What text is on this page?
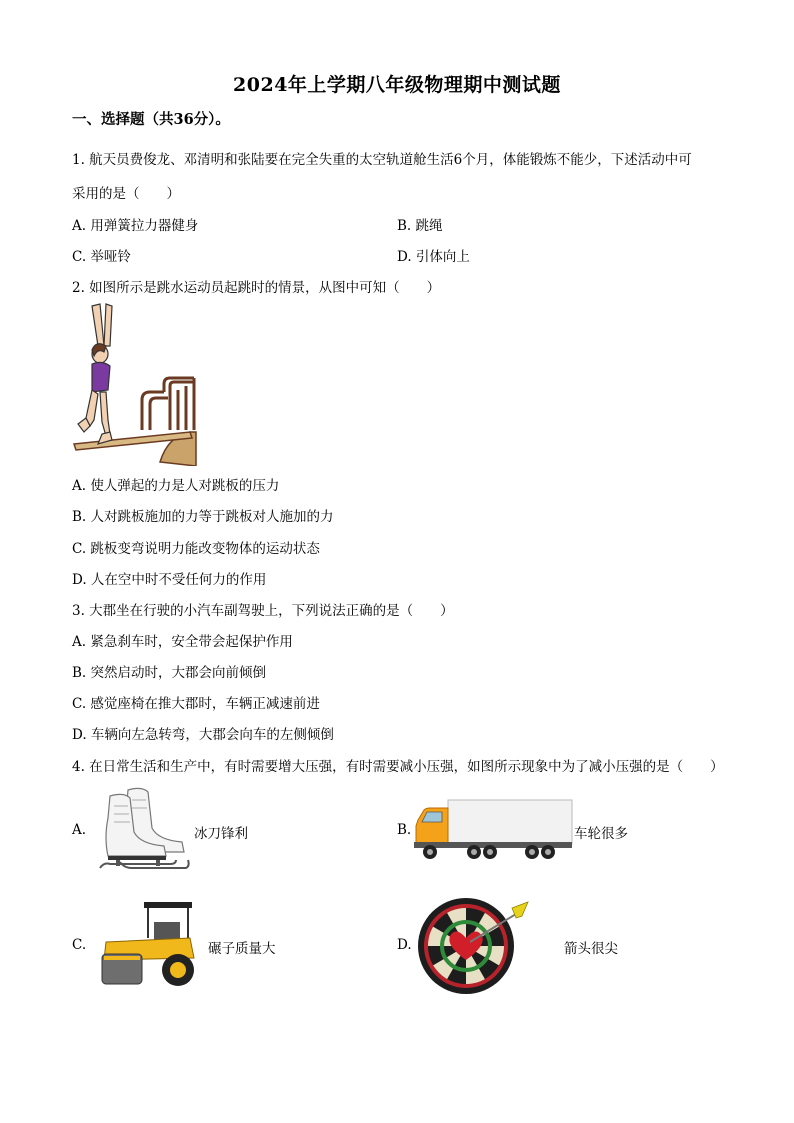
2024年上学期八年级物理期中测试题
一、选择题（共36分）。
1. 航天员费俊龙、邓清明和张陆要在完全失重的太空轨道舱生活6个月，体能锻炼不能少，下述活动中可
采用的是（　　）
A. 用弹簧拉力器健身	B. 跳绳
C. 举哑铃	D. 引体向上
2. 如图所示是跳水运动员起跳时的情景，从图中可知（　　）
A. 使人弹起的力是人对跳板的压力
B. 人对跳板施加的力等于跳板对人施加的力
C. 跳板变弯说明力能改变物体的运动状态
D. 人在空中时不受任何力的作用
3. 大郡坐在行驶的小汽车副驾驶上，下列说法正确的是（　　）
A. 紧急刹车时，安全带会起保护作用
B. 突然启动时，大郡会向前倾倒
C. 感觉座椅在推大郡时，车辆正减速前进
D. 车辆向左急转弯，大郡会向车的左侧倾倒
4. 在日常生活和生产中，有时需要增大压强，有时需要减小压强，如图所示现象中为了减小压强的是（　　）
A.	冰刀锋利	B.	车轮很多
C.	碾子质量大	D.	箭头很尖
